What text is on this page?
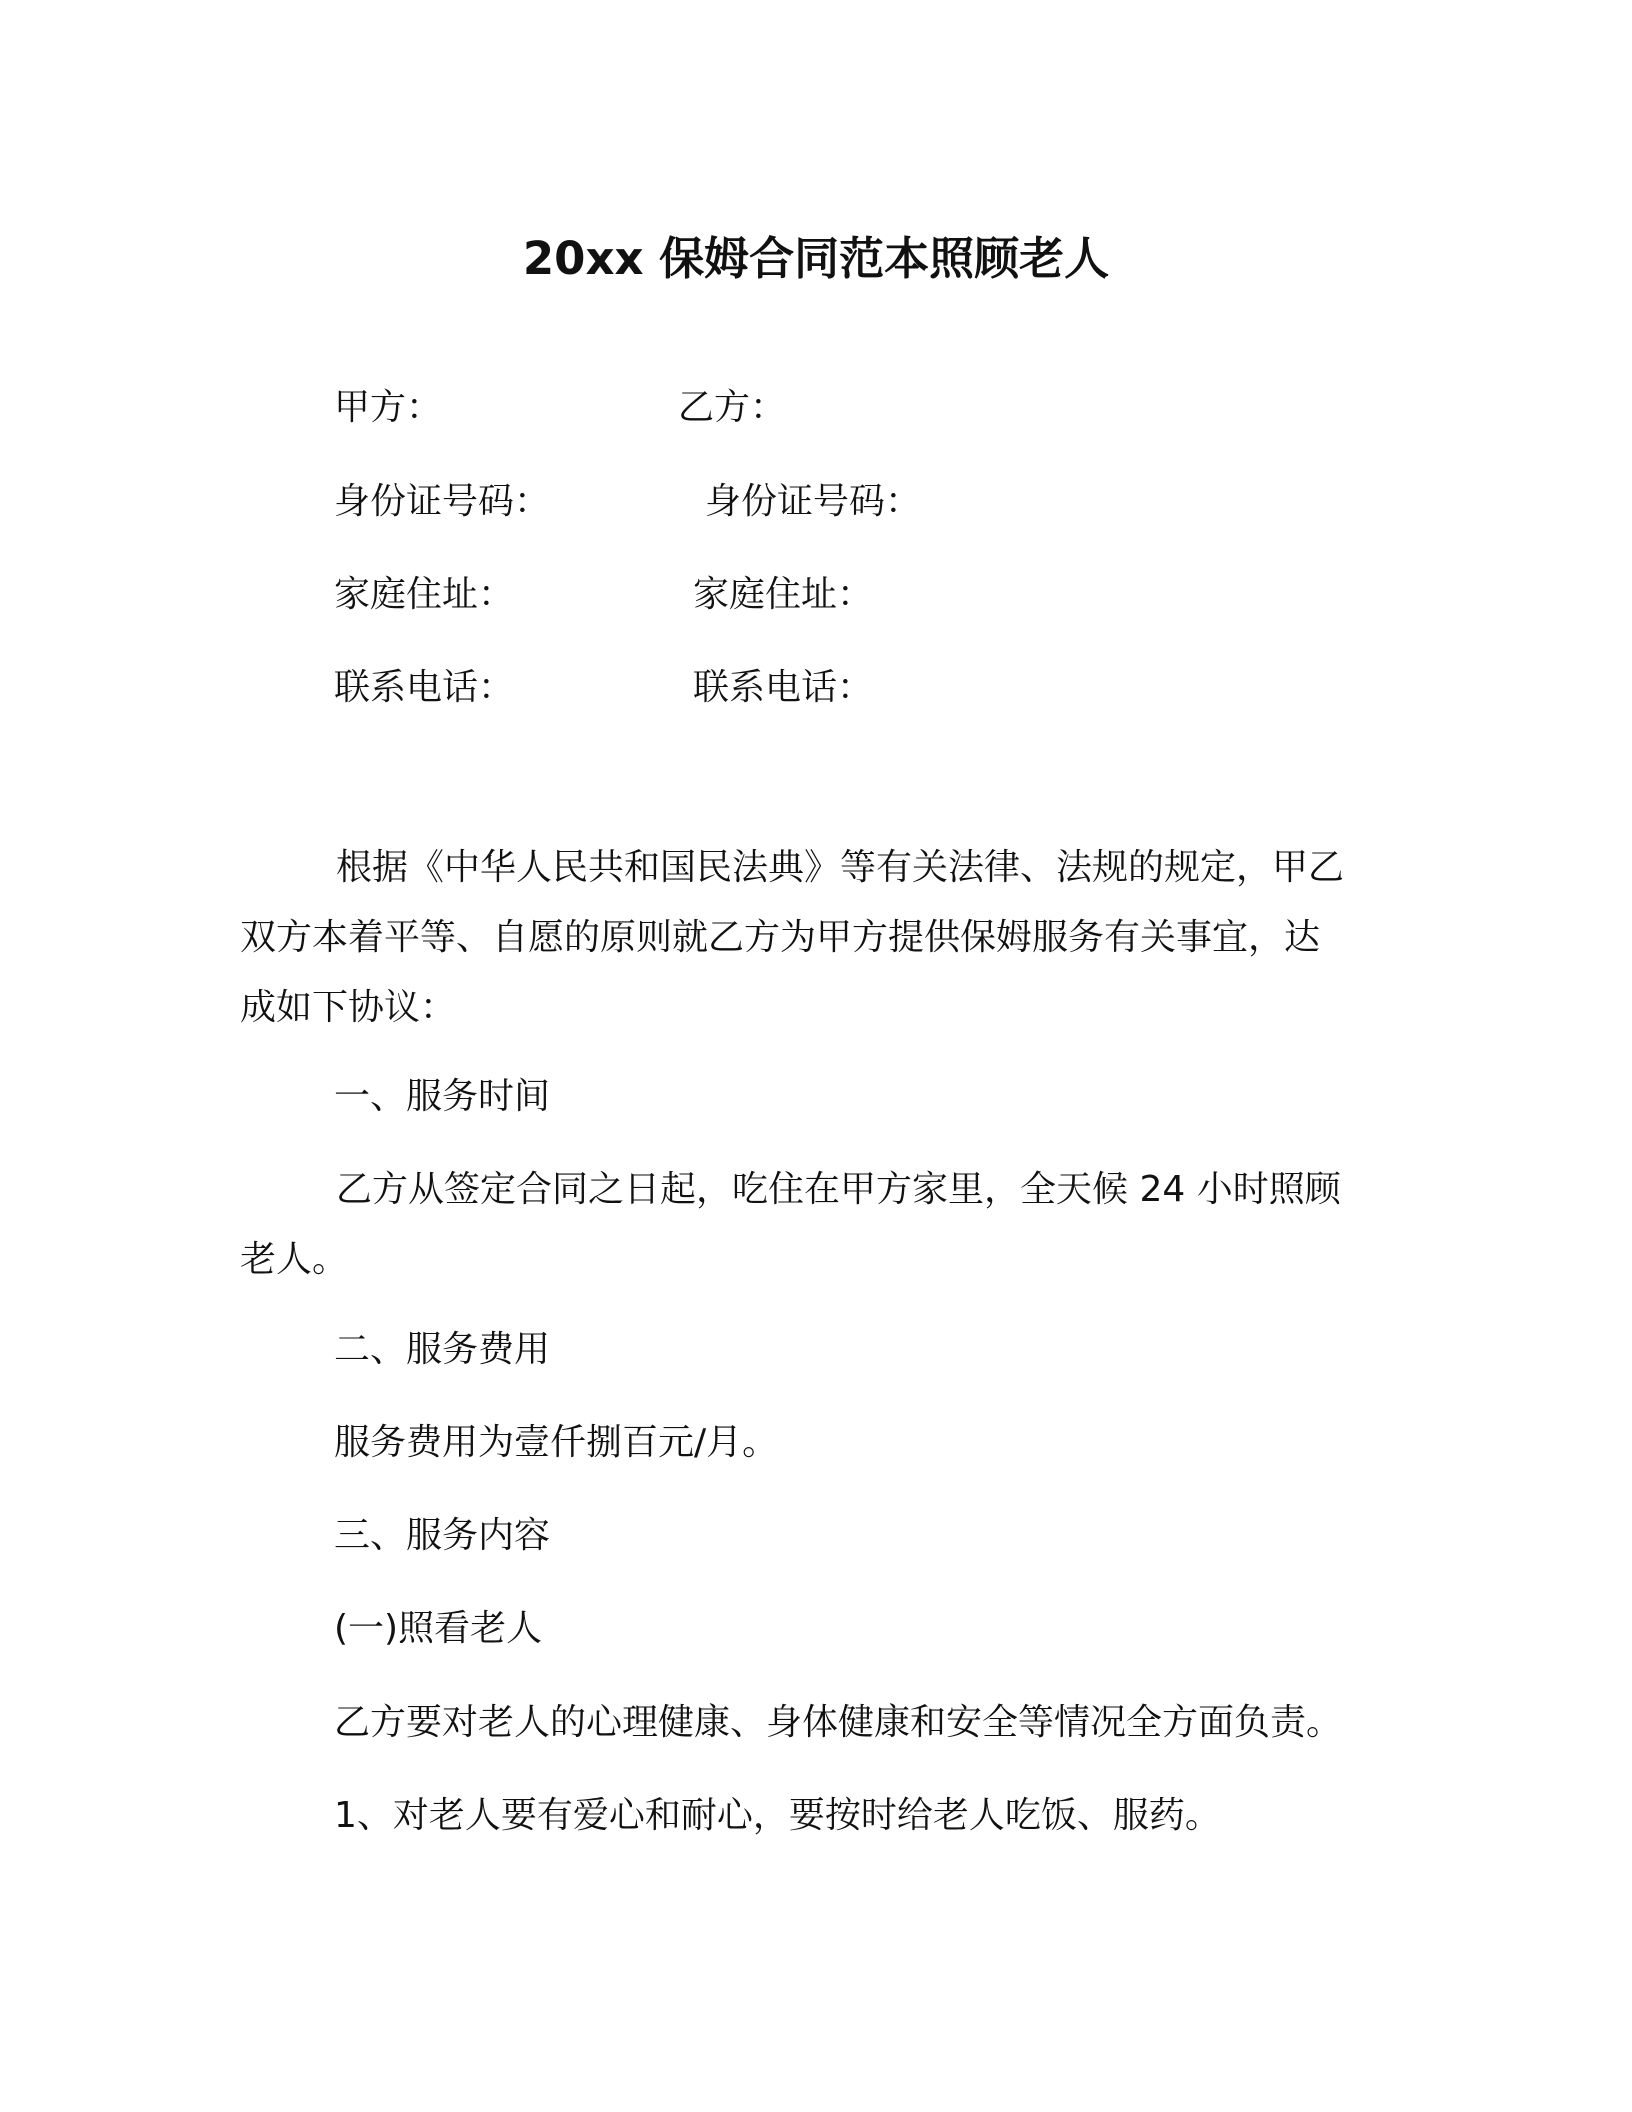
20xx 保姆合同范本照顾老人
甲方：	乙方：
身份证号码：	身份证号码：
家庭住址：	家庭住址：
联系电话：	联系电话：
根据《中华人民共和国民法典》等有关法律、法规的规定，甲乙
双方本着平等、自愿的原则就乙方为甲方提供保姆服务有关事宜，达
成如下协议：

一、服务时间

乙方从签定合同之日起，吃住在甲方家里，全天候 24 小时照顾
老人。

二、服务费用

服务费用为壹仟捌百元/月。

三、服务内容

(一)照看老人

乙方要对老人的心理健康、身体健康和安全等情况全方面负责。

1、对老人要有爱心和耐心，要按时给老人吃饭、服药。
